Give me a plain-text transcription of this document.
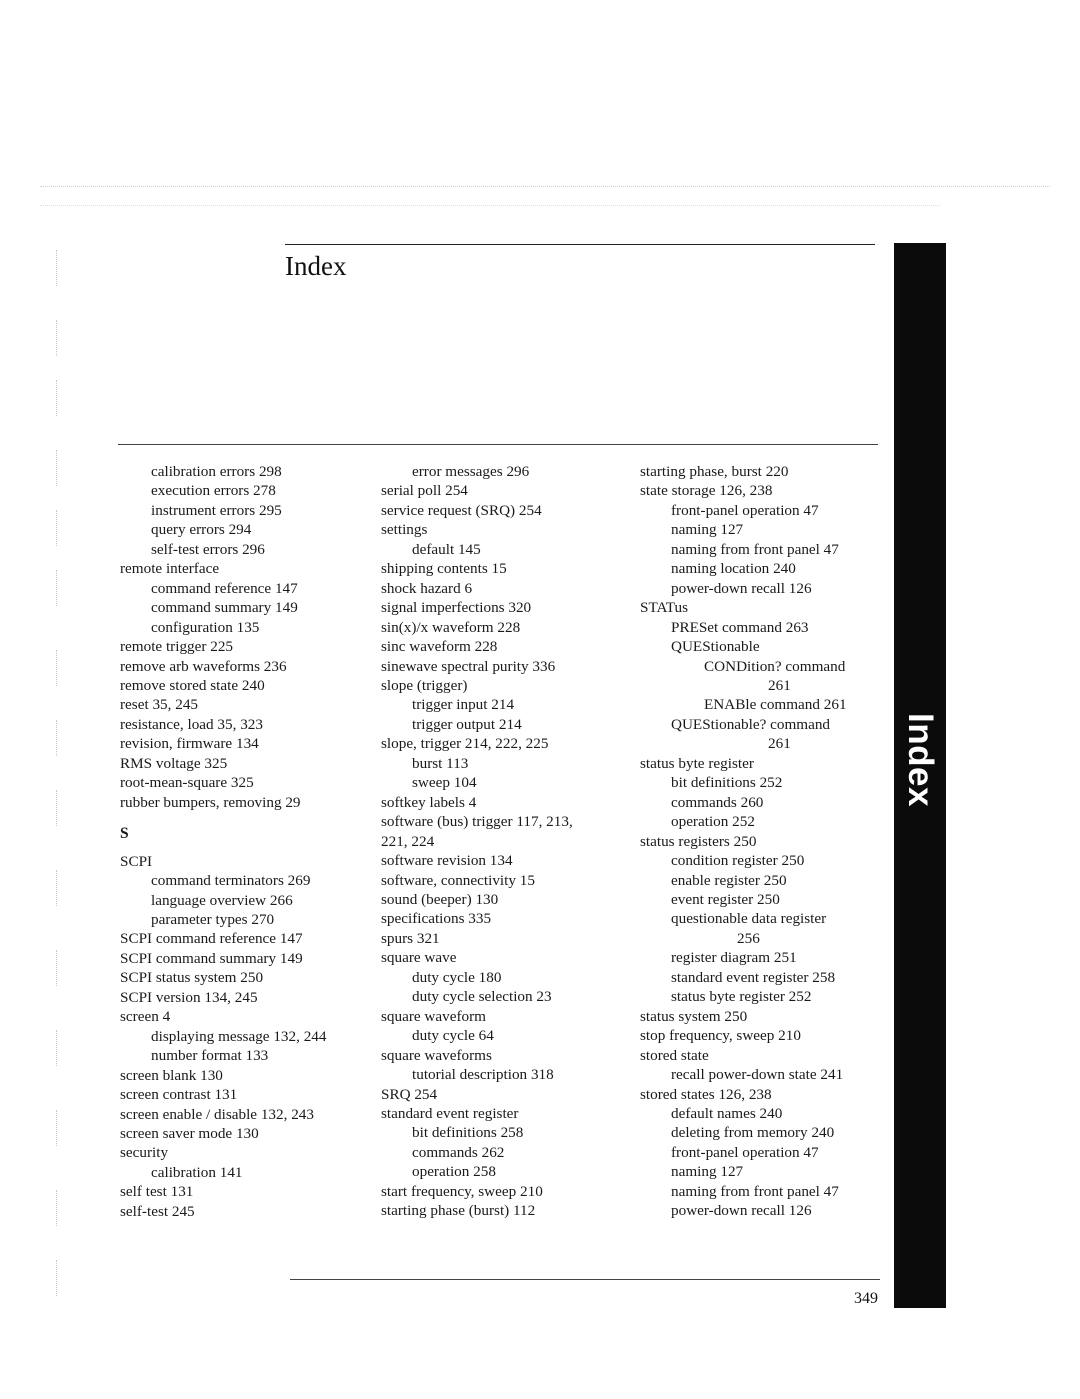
Index
calibration errors 298
execution errors 278
instrument errors 295
query errors 294
self-test errors 296
remote interface
command reference 147
command summary 149
configuration 135
remote trigger 225
remove arb waveforms 236
remove stored state 240
reset 35, 245
resistance, load 35, 323
revision, firmware 134
RMS voltage 325
root-mean-square 325
rubber bumpers, removing 29
S
SCPI
command terminators 269
language overview 266
parameter types 270
SCPI command reference 147
SCPI command summary 149
SCPI status system 250
SCPI version 134, 245
screen 4
displaying message 132, 244
number format 133
screen blank 130
screen contrast 131
screen enable / disable 132, 243
screen saver mode 130
security
calibration 141
self test 131
self-test 245
error messages 296
serial poll 254
service request (SRQ) 254
settings
default 145
shipping contents 15
shock hazard 6
signal imperfections 320
sin(x)/x waveform 228
sinc waveform 228
sinewave spectral purity 336
slope (trigger)
trigger input 214
trigger output 214
slope, trigger 214, 222, 225
burst 113
sweep 104
softkey labels 4
software (bus) trigger 117, 213,
221, 224
software revision 134
software, connectivity 15
sound (beeper) 130
specifications 335
spurs 321
square wave
duty cycle 180
duty cycle selection 23
square waveform
duty cycle 64
square waveforms
tutorial description 318
SRQ 254
standard event register
bit definitions 258
commands 262
operation 258
start frequency, sweep 210
starting phase (burst) 112
starting phase, burst 220
state storage 126, 238
front-panel operation 47
naming 127
naming from front panel 47
naming location 240
power-down recall 126
STATus
PRESet command 263
QUEStionable
CONDition? command
261
ENABle command 261
QUEStionable? command
261
status byte register
bit definitions 252
commands 260
operation 252
status registers 250
condition register 250
enable register 250
event register 250
questionable data register
256
register diagram 251
standard event register 258
status byte register 252
status system 250
stop frequency, sweep 210
stored state
recall power-down state 241
stored states 126, 238
default names 240
deleting from memory 240
front-panel operation 47
naming 127
naming from front panel 47
power-down recall 126
Index
349
